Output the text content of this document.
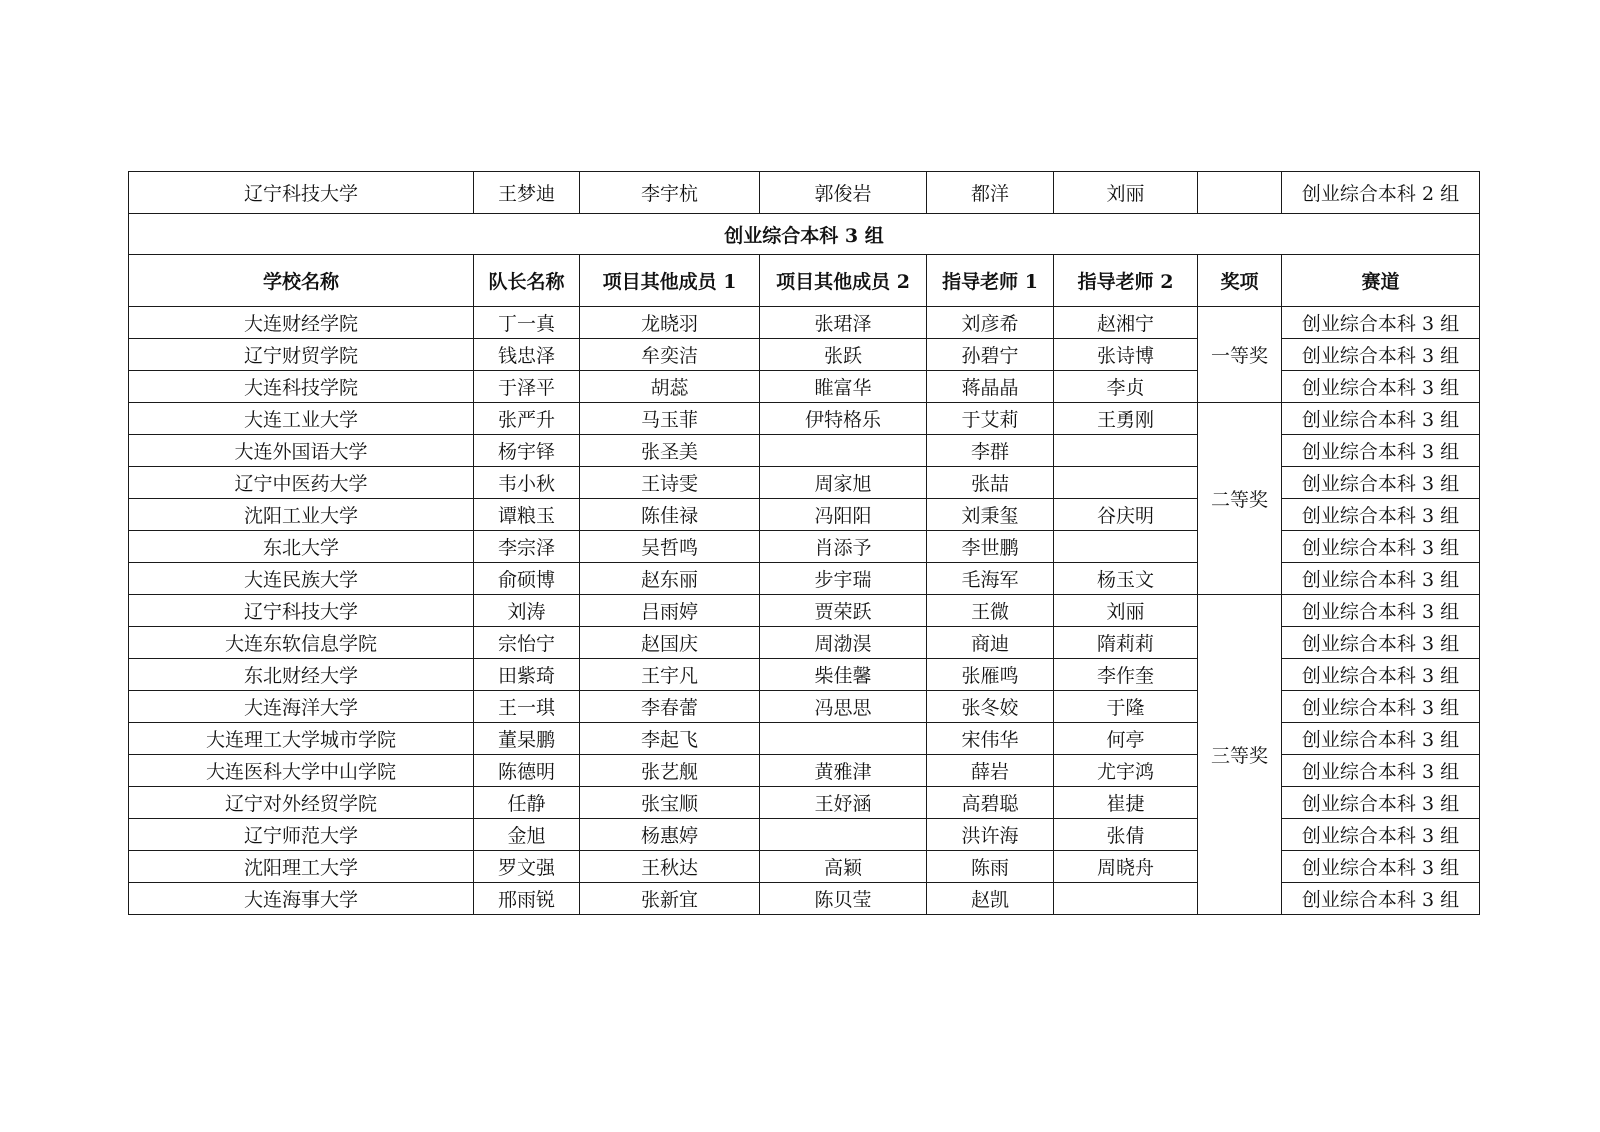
辽宁科技大学	王梦迪	李宇杭	郭俊岩	都洋	刘丽		创业综合本科 2 组
创业综合本科 3 组							
学校名称	队长名称	项目其他成员 1	项目其他成员 2	指导老师 1	指导老师 2	奖项	赛道
大连财经学院	丁一真	龙晓羽	张珺泽	刘彦希	赵湘宁	一等奖	创业综合本科 3 组
辽宁财贸学院	钱忠泽	牟奕洁	张跃	孙碧宁	张诗博		创业综合本科 3 组
大连科技学院	于泽平	胡蕊	睢富华	蒋晶晶	李贞		创业综合本科 3 组
大连工业大学	张严升	马玉菲	伊特格乐	于艾莉	王勇刚	二等奖	创业综合本科 3 组
大连外国语大学	杨宇铎	张圣美		李群			创业综合本科 3 组
辽宁中医药大学	韦小秋	王诗雯	周家旭	张喆			创业综合本科 3 组
沈阳工业大学	谭粮玉	陈佳禄	冯阳阳	刘秉玺	谷庆明		创业综合本科 3 组
东北大学	李宗泽	吴哲鸣	肖添予	李世鹏			创业综合本科 3 组
大连民族大学	俞硕博	赵东丽	步宇瑞	毛海军	杨玉文		创业综合本科 3 组
辽宁科技大学	刘涛	吕雨婷	贾荣跃	王微	刘丽	三等奖	创业综合本科 3 组
大连东软信息学院	宗怡宁	赵国庆	周渤淏	商迪	隋莉莉		创业综合本科 3 组
东北财经大学	田紫琦	王宇凡	柴佳馨	张雁鸣	李作奎		创业综合本科 3 组
大连海洋大学	王一琪	李春蕾	冯思思	张冬姣	于隆		创业综合本科 3 组
大连理工大学城市学院	董杲鹏	李起飞		宋伟华	何亭		创业综合本科 3 组
大连医科大学中山学院	陈德明	张艺舰	黄雅津	薛岩	尤宇鸿		创业综合本科 3 组
辽宁对外经贸学院	任静	张宝顺	王妤涵	高碧聪	崔捷		创业综合本科 3 组
辽宁师范大学	金旭	杨惠婷		洪许海	张倩		创业综合本科 3 组
沈阳理工大学	罗文强	王秋达	高颖	陈雨	周晓舟		创业综合本科 3 组
大连海事大学	邢雨锐	张新宜	陈贝莹	赵凯			创业综合本科 3 组
